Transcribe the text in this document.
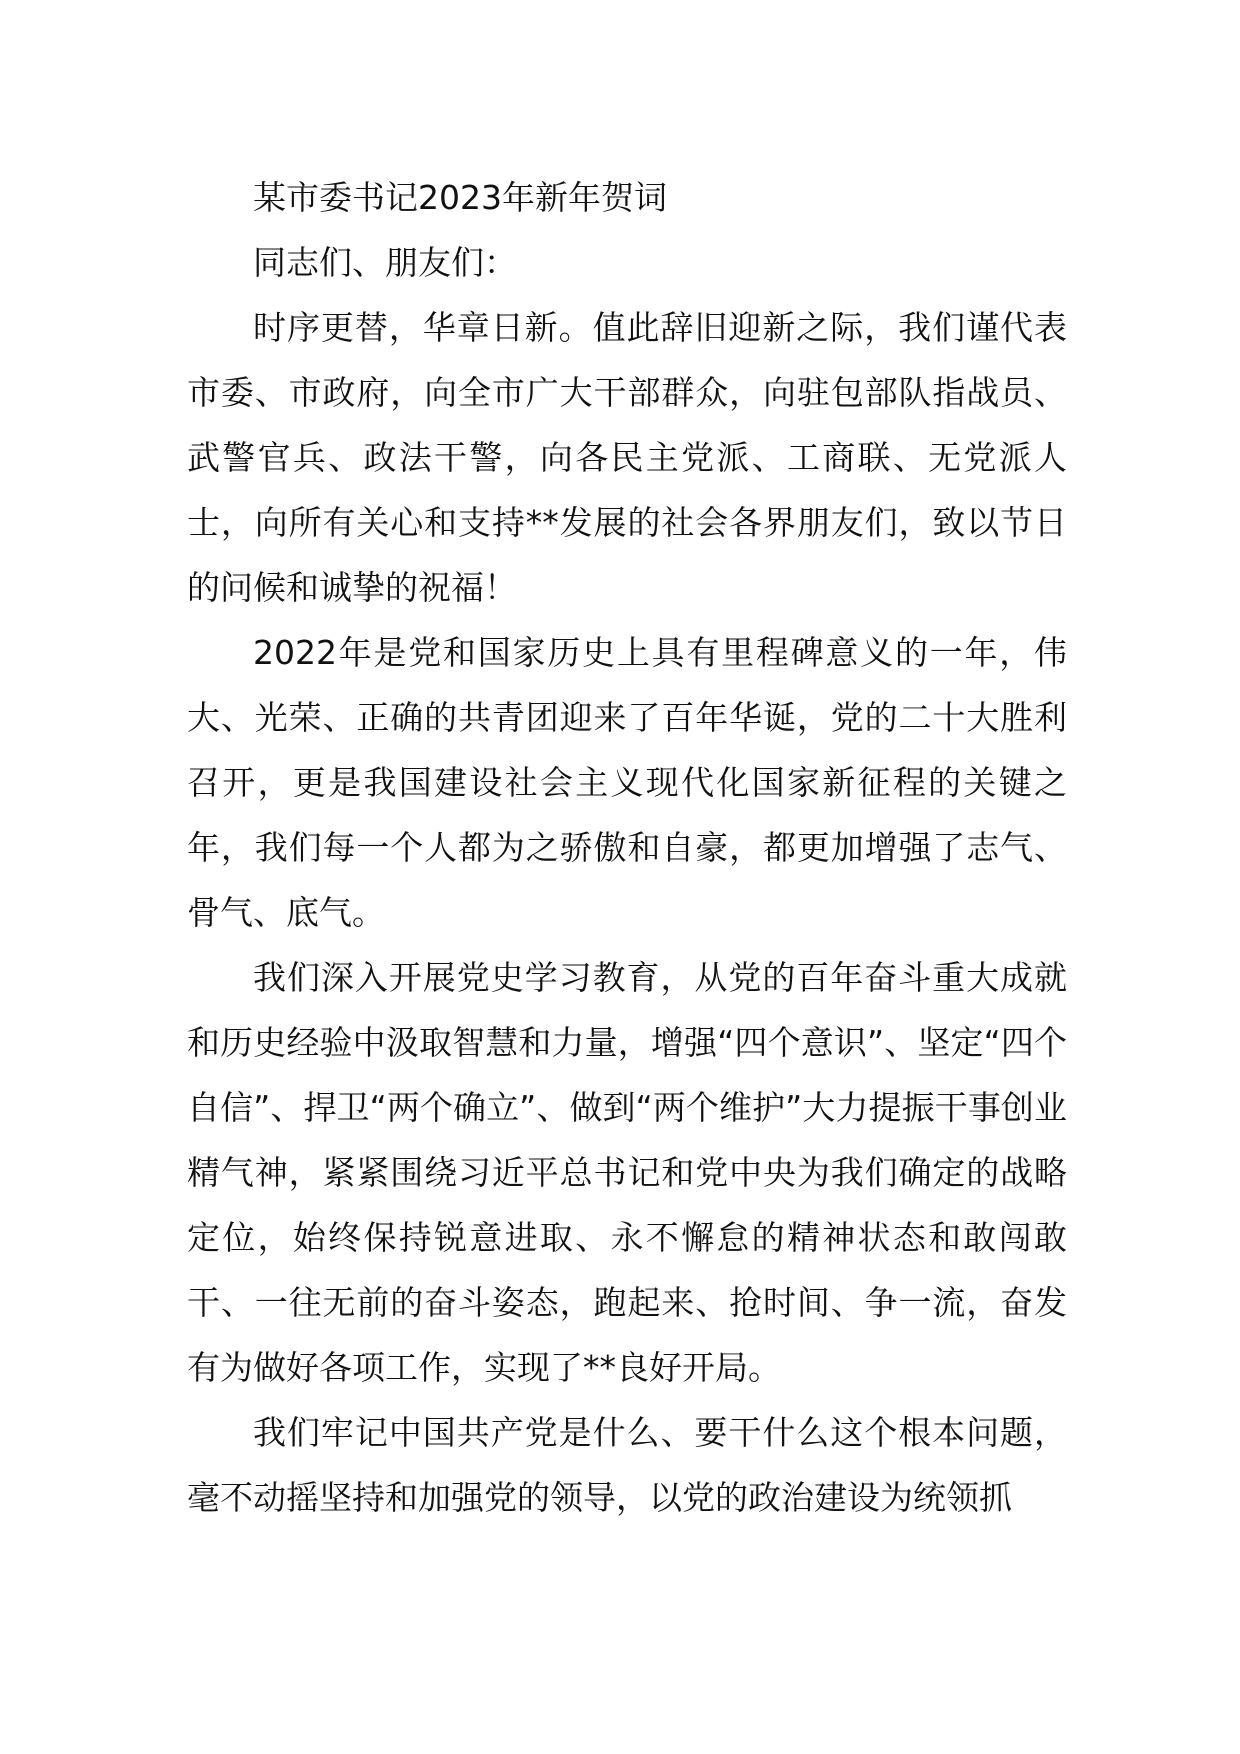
某市委书记2023年新年贺词

同志们、朋友们：

时序更替，华章日新。值此辞旧迎新之际，我们谨代表市委、市政府，向全市广大干部群众，向驻包部队指战员、武警官兵、政法干警，向各民主党派、工商联、无党派人士，向所有关心和支持**发展的社会各界朋友们，致以节日的问候和诚挚的祝福！

2022年是党和国家历史上具有里程碑意义的一年，伟大、光荣、正确的共青团迎来了百年华诞，党的二十大胜利召开，更是我国建设社会主义现代化国家新征程的关键之年，我们每一个人都为之骄傲和自豪，都更加增强了志气、骨气、底气。

我们深入开展党史学习教育，从党的百年奋斗重大成就和历史经验中汲取智慧和力量，增强“四个意识”、坚定“四个自信”、捍卫“两个确立”、做到“两个维护”大力提振干事创业精气神，紧紧围绕习近平总书记和党中央为我们确定的战略定位，始终保持锐意进取、永不懈怠的精神状态和敢闯敢干、一往无前的奋斗姿态，跑起来、抢时间、争一流，奋发有为做好各项工作，实现了**良好开局。

我们牢记中国共产党是什么、要干什么这个根本问题，毫不动摇坚持和加强党的领导，以党的政治建设为统领抓
